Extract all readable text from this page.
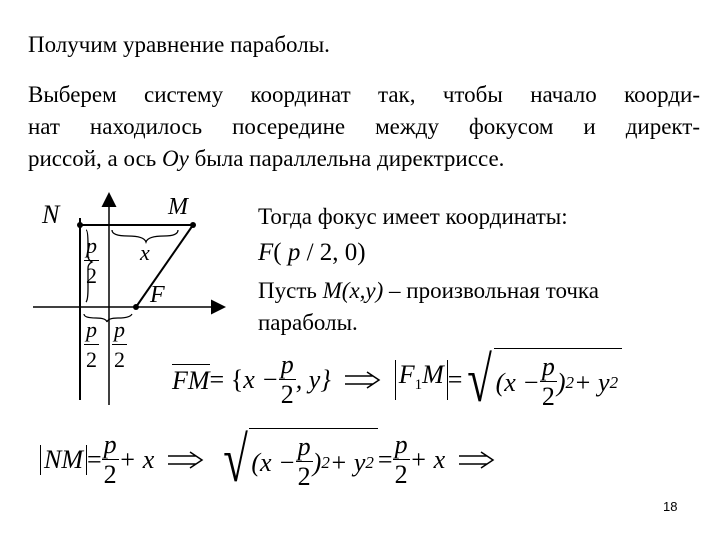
Получим уравнение параболы.
Выберем систему координат так, чтобы начало коорди-
нат находилось посередине между фокусом и директ-
риссой, а ось Oy была параллельна директриссе.
N	M
x
F
$\frac{p}{2}$
$\frac{p}{2} \frac{p}{2}$
Тогда фокус имеет координаты:
F( p / 2, 0)
Пусть M(x,y) – произвольная точка
параболы.
FM = { $x - \frac{p}{2}$ , y}	$F_1M$ = √ ($x - \frac{p}{2}$ ) 2 + y 2
NM = $\frac{p}{2} + x$ √ ($x - \frac{p}{2}$ ) 2 + y $2 = \frac{p}{2} + x$
18
